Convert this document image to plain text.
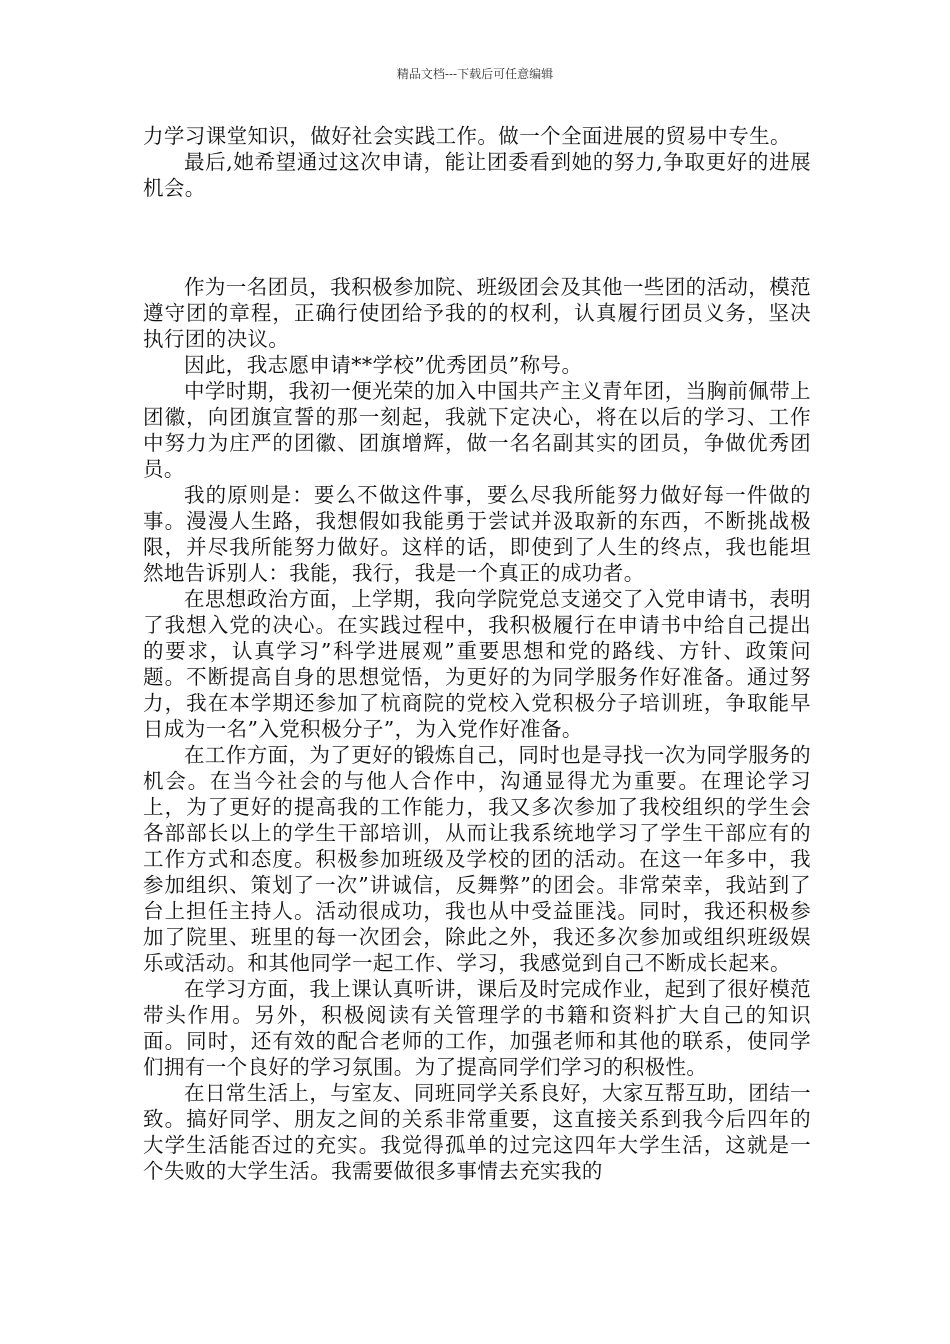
精品文档---下载后可任意编辑

力学习课堂知识，做好社会实践工作。做一个全面进展的贸易中专生。

最后,她希望通过这次申请，能让团委看到她的努力,争取更好的进展机会。

作为一名团员，我积极参加院、班级团会及其他一些团的活动，模范遵守团的章程，正确行使团给予我的的权利，认真履行团员义务，坚决执行团的决议。

因此，我志愿申请**学校”优秀团员”称号。

中学时期，我初一便光荣的加入中国共产主义青年团，当胸前佩带上团徽，向团旗宣誓的那一刻起，我就下定决心，将在以后的学习、工作中努力为庄严的团徽、团旗增辉，做一名名副其实的团员，争做优秀团员。

我的原则是：要么不做这件事，要么尽我所能努力做好每一件做的事。漫漫人生路，我想假如我能勇于尝试并汲取新的东西，不断挑战极限，并尽我所能努力做好。这样的话，即使到了人生的终点，我也能坦然地告诉别人：我能，我行，我是一个真正的成功者。

在思想政治方面，上学期，我向学院党总支递交了入党申请书，表明了我想入党的决心。在实践过程中，我积极履行在申请书中给自己提出的要求，认真学习”科学进展观”重要思想和党的路线、方针、政策问题。不断提高自身的思想觉悟，为更好的为同学服务作好准备。通过努力，我在本学期还参加了杭商院的党校入党积极分子培训班，争取能早日成为一名”入党积极分子”，为入党作好准备。

在工作方面，为了更好的锻炼自己，同时也是寻找一次为同学服务的机会。在当今社会的与他人合作中，沟通显得尤为重要。在理论学习上，为了更好的提高我的工作能力，我又多次参加了我校组织的学生会各部部长以上的学生干部培训，从而让我系统地学习了学生干部应有的工作方式和态度。积极参加班级及学校的团的活动。在这一年多中，我参加组织、策划了一次”讲诚信，反舞弊”的团会。非常荣幸，我站到了台上担任主持人。活动很成功，我也从中受益匪浅。同时，我还积极参加了院里、班里的每一次团会，除此之外，我还多次参加或组织班级娱乐或活动。和其他同学一起工作、学习，我感觉到自己不断成长起来。

在学习方面，我上课认真听讲，课后及时完成作业，起到了很好模范带头作用。另外，积极阅读有关管理学的书籍和资料扩大自己的知识面。同时，还有效的配合老师的工作，加强老师和其他的联系，使同学们拥有一个良好的学习氛围。为了提高同学们学习的积极性。

在日常生活上，与室友、同班同学关系良好，大家互帮互助，团结一致。搞好同学、朋友之间的关系非常重要，这直接关系到我今后四年的大学生活能否过的充实。我觉得孤单的过完这四年大学生活，这就是一个失败的大学生活。我需要做很多事情去充实我的
